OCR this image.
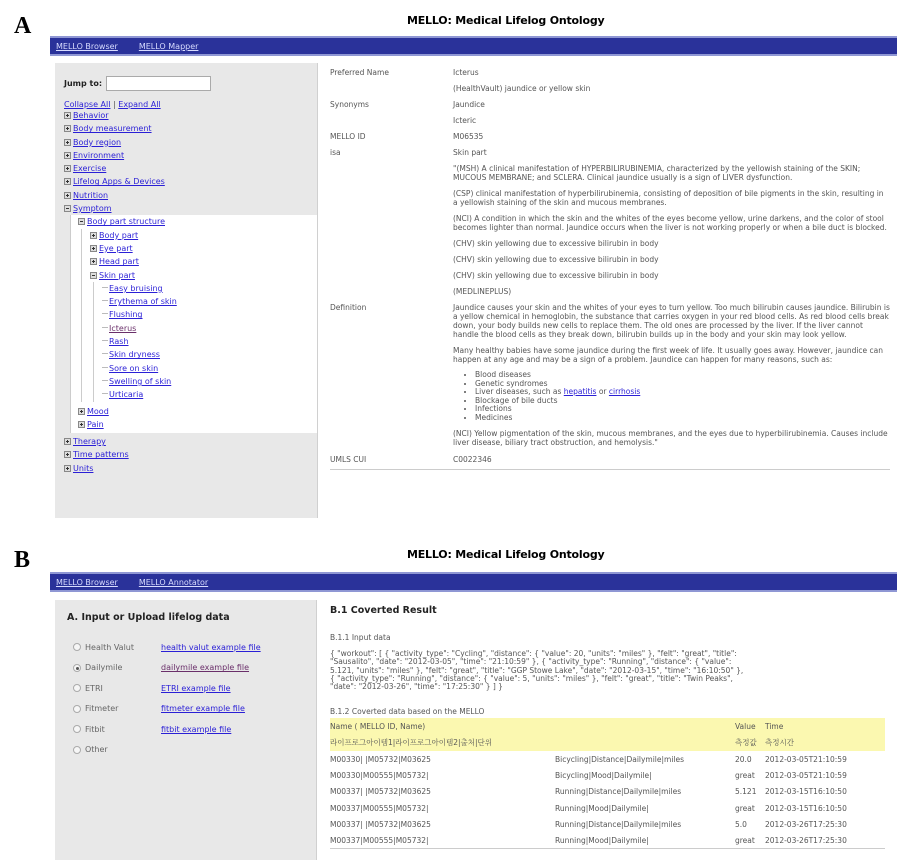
A	MELLO: Medical Lifelog Ontology
MELLO Browser	MELLO Mapper
Jump to:
Collapse All | Expand All
Behavior
Body measurement
Body region
Environment
Exercise
Lifelog Apps & Devices
Nutrition
Symptom
Body part structure
Body part
Eye part
Head part
Skin part
Easy bruising
Erythema of skin
Flushing
Icterus
Rash
Skin dryness
Sore on skin
Swelling of skin
Urticaria
Mood
Pain
Therapy
Time patterns
Units
Preferred Name	Icterus

(HealthVault) jaundice or yellow skin

Synonyms	Jaundice

Icteric

MELLO ID	M06535

isa	Skin part

"(MSH) A clinical manifestation of HYPERBILIRUBINEMIA, characterized by the yellowish staining of the SKIN; MUCOUS MEMBRANE; and SCLERA. Clinical jaundice usually is a sign of LIVER dysfunction.

(CSP) clinical manifestation of hyperbilirubinemia, consisting of deposition of bile pigments in the skin, resulting in a yellowish staining of the skin and mucous membranes.

(NCI) A condition in which the skin and the whites of the eyes become yellow, urine darkens, and the color of stool becomes lighter than normal. Jaundice occurs when the liver is not working properly or when a bile duct is blocked.

(CHV) skin yellowing due to excessive bilirubin in body

(CHV) skin yellowing due to excessive bilirubin in body

(CHV) skin yellowing due to excessive bilirubin in body

(MEDLINEPLUS)

Definition	Jaundice causes your skin and the whites of your eyes to turn yellow. Too much bilirubin causes jaundice. Bilirubin is a yellow chemical in hemoglobin, the substance that carries oxygen in your red blood cells. As red blood cells break down, your body builds new cells to replace them. The old ones are processed by the liver. If the liver cannot handle the blood cells as they break down, bilirubin builds up in the body and your skin may look yellow.

Many healthy babies have some jaundice during the first week of life. It usually goes away. However, jaundice can happen at any age and may be a sign of a problem. Jaundice can happen for many reasons, such as:

• Blood diseases
• Genetic syndromes
• Liver diseases, such as hepatitis or cirrhosis
• Blockage of bile ducts
• Infections
• Medicines

(NCI) Yellow pigmentation of the skin, mucous membranes, and the eyes due to hyperbilirubinemia. Causes include liver disease, biliary tract obstruction, and hemolysis."

UMLS CUI	C0022346
B	MELLO: Medical Lifelog Ontology
MELLO Browser	MELLO Annotator
A. Input or Upload lifelog data
Health Valut	health valut example file
Dailymile	dailymile example file
ETRI	ETRI example file
Fitmeter	fitmeter example file
Fitbit	fitbit example file
Other
B.1 Coverted Result
B.1.1 Input data
{ "workout": [ { "activity_type": "Cycling", "distance": { "value": 20, "units": "miles" }, "felt": "great", "title": "Sausalito", "date": "2012-03-05", "time": "21:10:59" }, { "activity_type": "Running", "distance": { "value": 5.121, "units": "miles" }, "felt": "great", "title": "GGP Stowe Lake", "date": "2012-03-15", "time": "16:10:50" }, { "activity_type": "Running", "distance": { "value": 5, "units": "miles" }, "felt": "great", "title": "Twin Peaks", "date": "2012-03-26", "time": "17:25:30" } ] }
B.1.2 Coverted data based on the MELLO
Name ( MELLO ID, Name)		Value	Time
라이프로그아이템1|라이프로그아이템2|출처|단위		측정값	측정시간
M00330| |M05732|M03625	Bicycling|Distance|Dailymile|miles	20.0	2012-03-05T21:10:59
M00330|M00555|M05732|	Bicycling|Mood|Dailymile|	great	2012-03-05T21:10:59
M00337| |M05732|M03625	Running|Distance|Dailymile|miles	5.121	2012-03-15T16:10:50
M00337|M00555|M05732|	Running|Mood|Dailymile|	great	2012-03-15T16:10:50
M00337| |M05732|M03625	Running|Distance|Dailymile|miles	5.0	2012-03-26T17:25:30
M00337|M00555|M05732|	Running|Mood|Dailymile|	great	2012-03-26T17:25:30
